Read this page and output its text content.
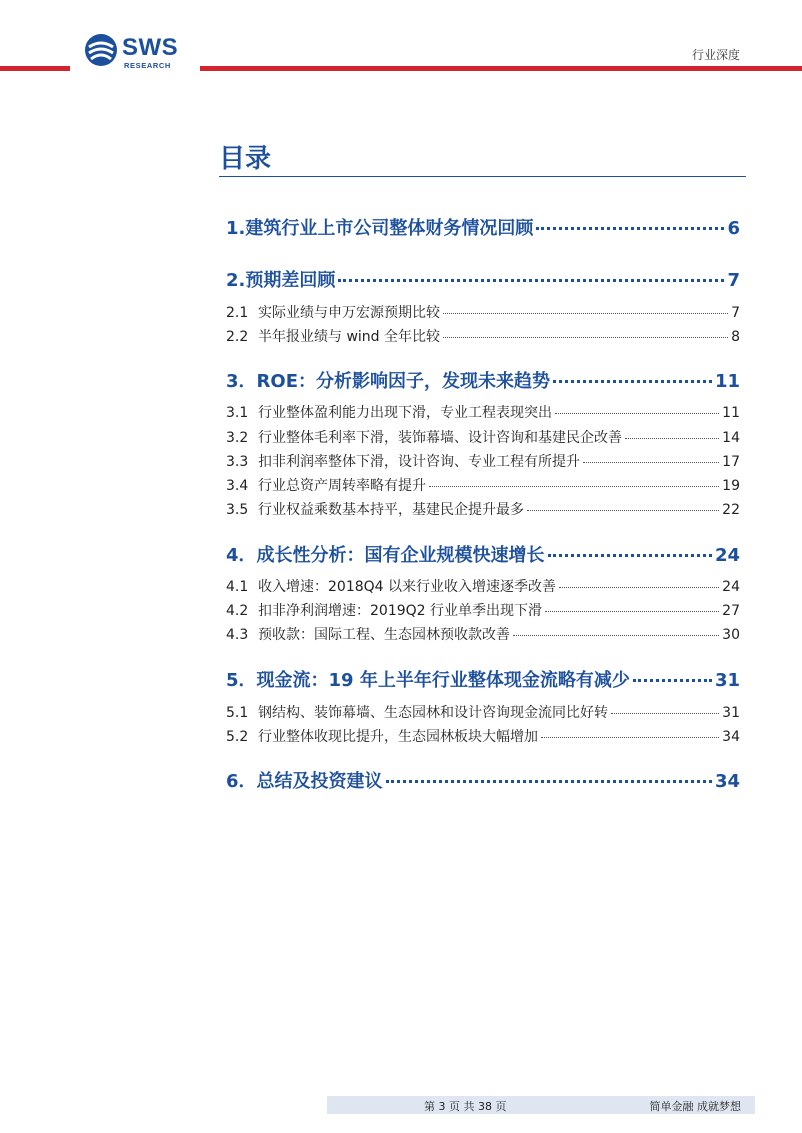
SWS
RESEARCH
行业深度
目录
1. 建筑行业上市公司整体财务情况回顾	6
2. 预期差回顾	7
2.1 实际业绩与申万宏源预期比较	7
2.2 半年报业绩与 wind 全年比较	8
3． ROE：分析影响因子，发现未来趋势	11
3.1 行业整体盈利能力出现下滑，专业工程表现突出	11
3.2 行业整体毛利率下滑，装饰幕墙、设计咨询和基建民企改善	14
3.3 扣非利润率整体下滑，设计咨询、专业工程有所提升	17
3.4 行业总资产周转率略有提升	19
3.5 行业权益乘数基本持平，基建民企提升最多	22
4． 成长性分析：国有企业规模快速增长	24
4.1 收入增速：2018Q4 以来行业收入增速逐季改善	24
4.2 扣非净利润增速：2019Q2 行业单季出现下滑	27
4.3 预收款：国际工程、生态园林预收款改善	30
5． 现金流：19 年上半年行业整体现金流略有减少	31
5.1 钢结构、装饰幕墙、生态园林和设计咨询现金流同比好转	31
5.2 行业整体收现比提升，生态园林板块大幅增加	34
6． 总结及投资建议	34
第 3 页 共 38 页	简单金融 成就梦想
